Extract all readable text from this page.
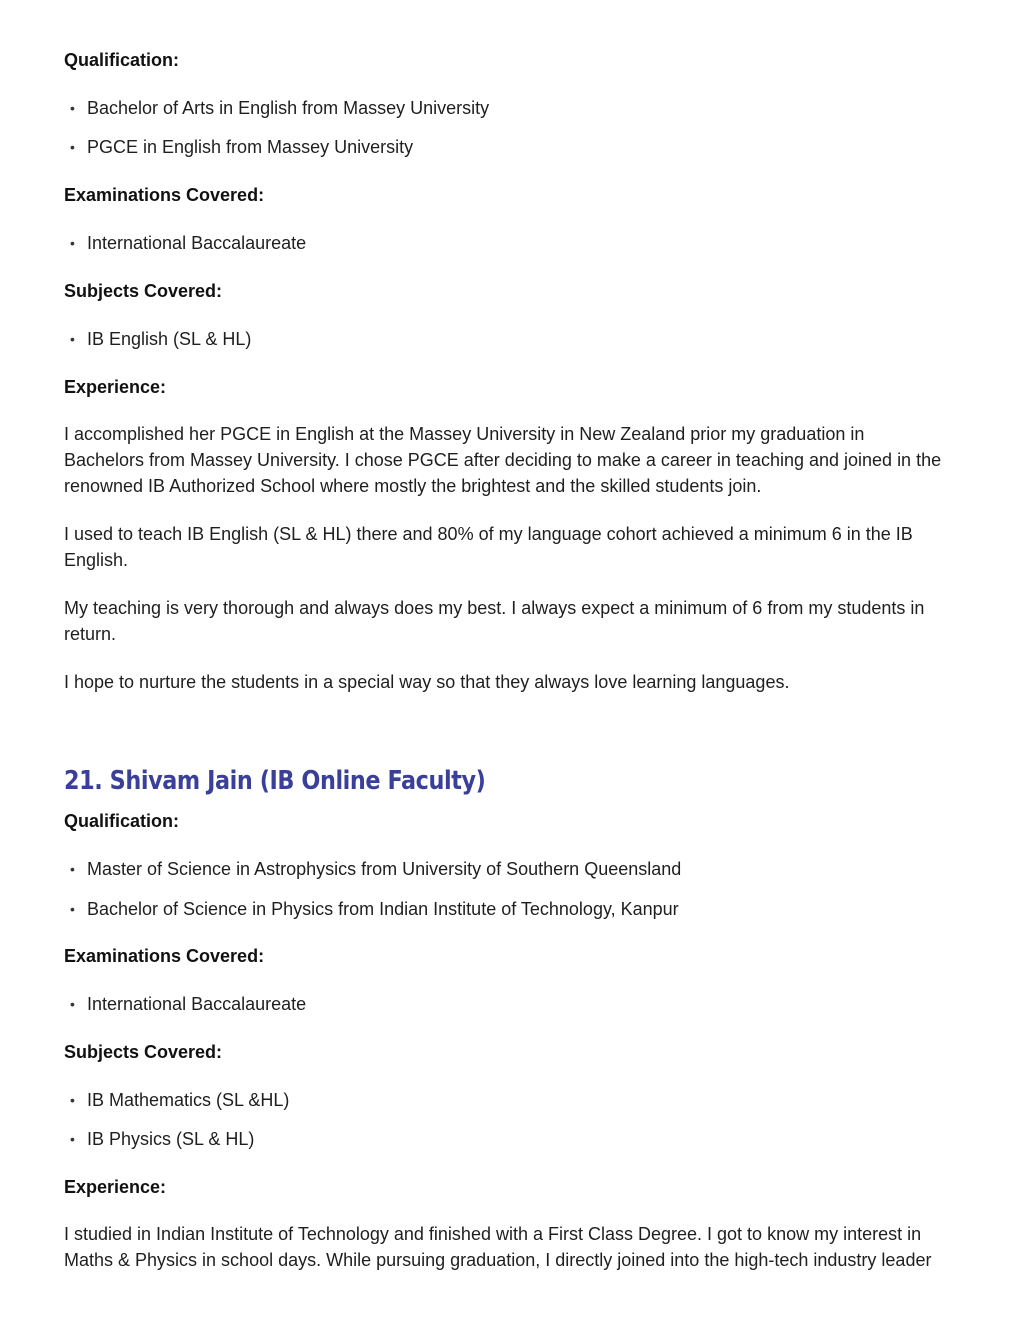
Qualification:

• Bachelor of Arts in English from Massey University
• PGCE in English from Massey University

Examinations Covered:

• International Baccalaureate

Subjects Covered:

• IB English (SL & HL)

Experience:

I accomplished her PGCE in English at the Massey University in New Zealand prior my graduation in Bachelors from Massey University. I chose PGCE after deciding to make a career in teaching and joined in the renowned IB Authorized School where mostly the brightest and the skilled students join.

I used to teach IB English (SL & HL) there and 80% of my language cohort achieved a minimum 6 in the IB English.

My teaching is very thorough and always does my best. I always expect a minimum of 6 from my students in return.

I hope to nurture the students in a special way so that they always love learning languages.

21. Shivam Jain (IB Online Faculty)

Qualification:

• Master of Science in Astrophysics from University of Southern Queensland
• Bachelor of Science in Physics from Indian Institute of Technology, Kanpur

Examinations Covered:

• International Baccalaureate

Subjects Covered:

• IB Mathematics (SL &HL)
• IB Physics (SL & HL)

Experience:

I studied in Indian Institute of Technology and finished with a First Class Degree. I got to know my interest in Maths & Physics in school days. While pursuing graduation, I directly joined into the high-tech industry leader
